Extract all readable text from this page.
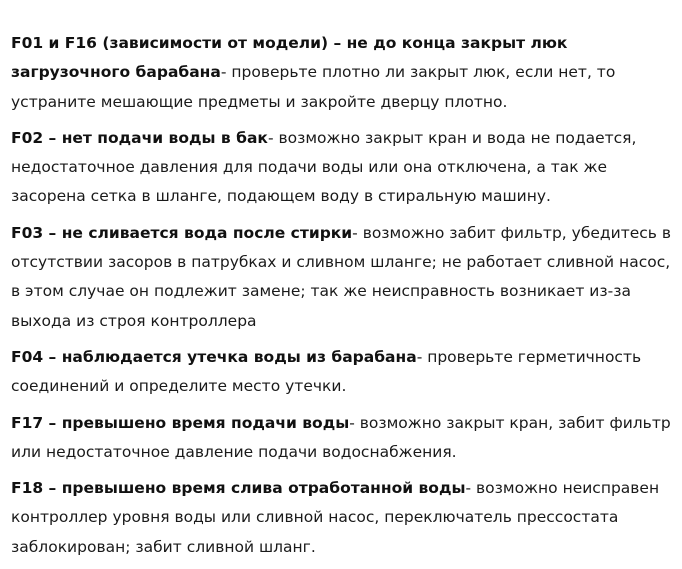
F01 и F16 (зависимости от модели) – не до конца закрыт люк загрузочного барабана- проверьте плотно ли закрыт люк, если нет, то устраните мешающие предметы и закройте дверцу плотно.

F02 – нет подачи воды в бак- возможно закрыт кран и вода не подается, недостаточное давления для подачи воды или она отключена, а так же засорена сетка в шланге, подающем воду в стиральную машину.

F03 – не сливается вода после стирки- возможно забит фильтр, убедитесь в отсутствии засоров в патрубках и сливном шланге; не работает сливной насос, в этом случае он подлежит замене; так же неисправность возникает из-за выхода из строя контроллера

F04 – наблюдается утечка воды из барабана- проверьте герметичность соединений и определите место утечки.

F17 – превышено время подачи воды- возможно закрыт кран, забит фильтр или недостаточное давление подачи водоснабжения.

F18 – превышено время слива отработанной воды- возможно неисправен контроллер уровня воды или сливной насос, переключатель прессостата заблокирован; забит сливной шланг.
